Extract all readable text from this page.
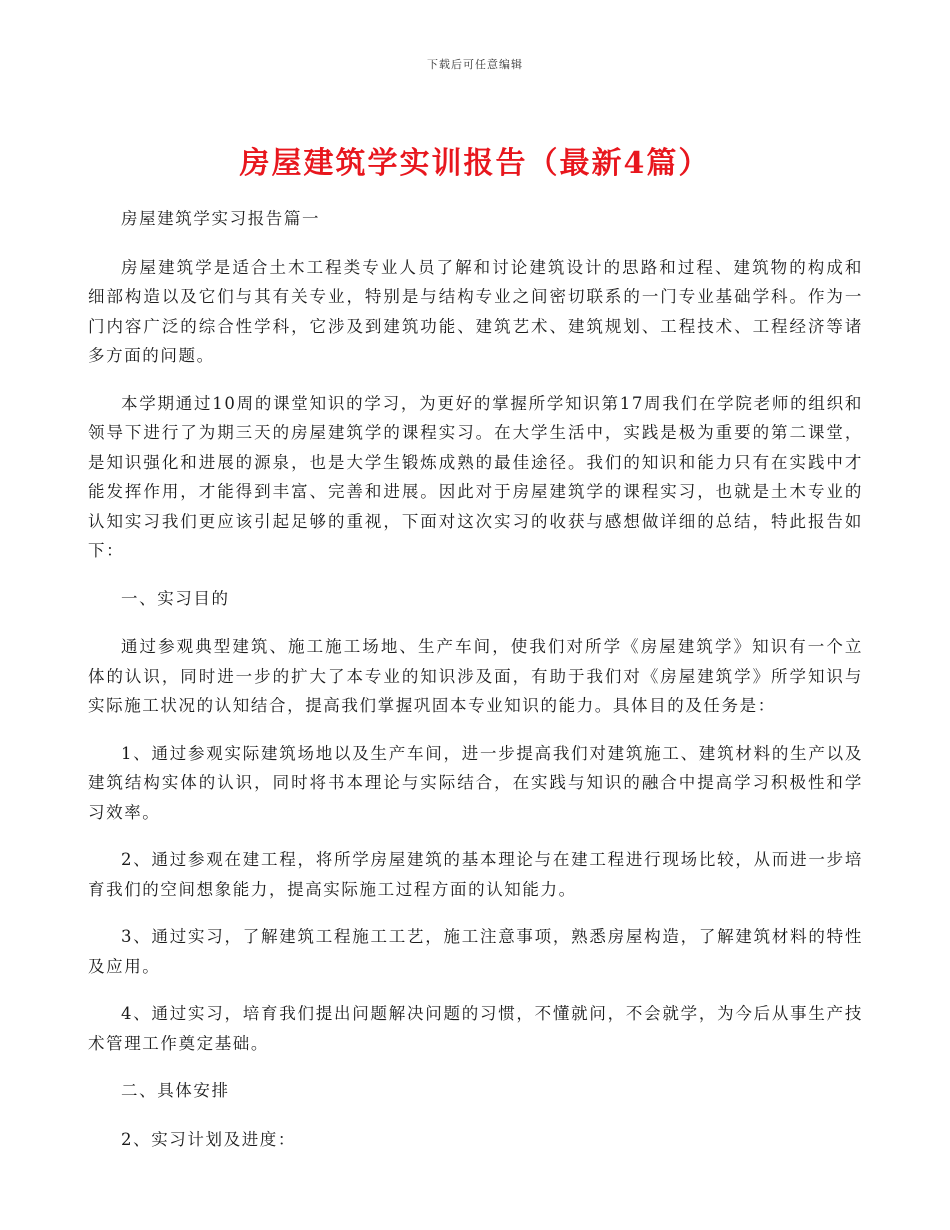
下载后可任意编辑
房屋建筑学实训报告（最新4篇）

房屋建筑学实习报告篇一

房屋建筑学是适合土木工程类专业人员了解和讨论建筑设计的思路和过程、建筑物的构成和细部构造以及它们与其有关专业，特别是与结构专业之间密切联系的一门专业基础学科。作为一门内容广泛的综合性学科，它涉及到建筑功能、建筑艺术、建筑规划、工程技术、工程经济等诸多方面的问题。

本学期通过10周的课堂知识的学习，为更好的掌握所学知识第17周我们在学院老师的组织和领导下进行了为期三天的房屋建筑学的课程实习。在大学生活中，实践是极为重要的第二课堂，是知识强化和进展的源泉，也是大学生锻炼成熟的最佳途径。我们的知识和能力只有在实践中才能发挥作用，才能得到丰富、完善和进展。因此对于房屋建筑学的课程实习，也就是土木专业的认知实习我们更应该引起足够的重视，下面对这次实习的收获与感想做详细的总结，特此报告如下：

一、实习目的

通过参观典型建筑、施工施工场地、生产车间，使我们对所学《房屋建筑学》知识有一个立体的认识，同时进一步的扩大了本专业的知识涉及面，有助于我们对《房屋建筑学》所学知识与实际施工状况的认知结合，提高我们掌握巩固本专业知识的能力。具体目的及任务是：

1、通过参观实际建筑场地以及生产车间，进一步提高我们对建筑施工、建筑材料的生产以及建筑结构实体的认识，同时将书本理论与实际结合，在实践与知识的融合中提高学习积极性和学习效率。

2、通过参观在建工程，将所学房屋建筑的基本理论与在建工程进行现场比较，从而进一步培育我们的空间想象能力，提高实际施工过程方面的认知能力。

3、通过实习，了解建筑工程施工工艺，施工注意事项，熟悉房屋构造，了解建筑材料的特性及应用。

4、通过实习，培育我们提出问题解决问题的习惯，不懂就问，不会就学，为今后从事生产技术管理工作奠定基础。

二、具体安排

2、实习计划及进度：
